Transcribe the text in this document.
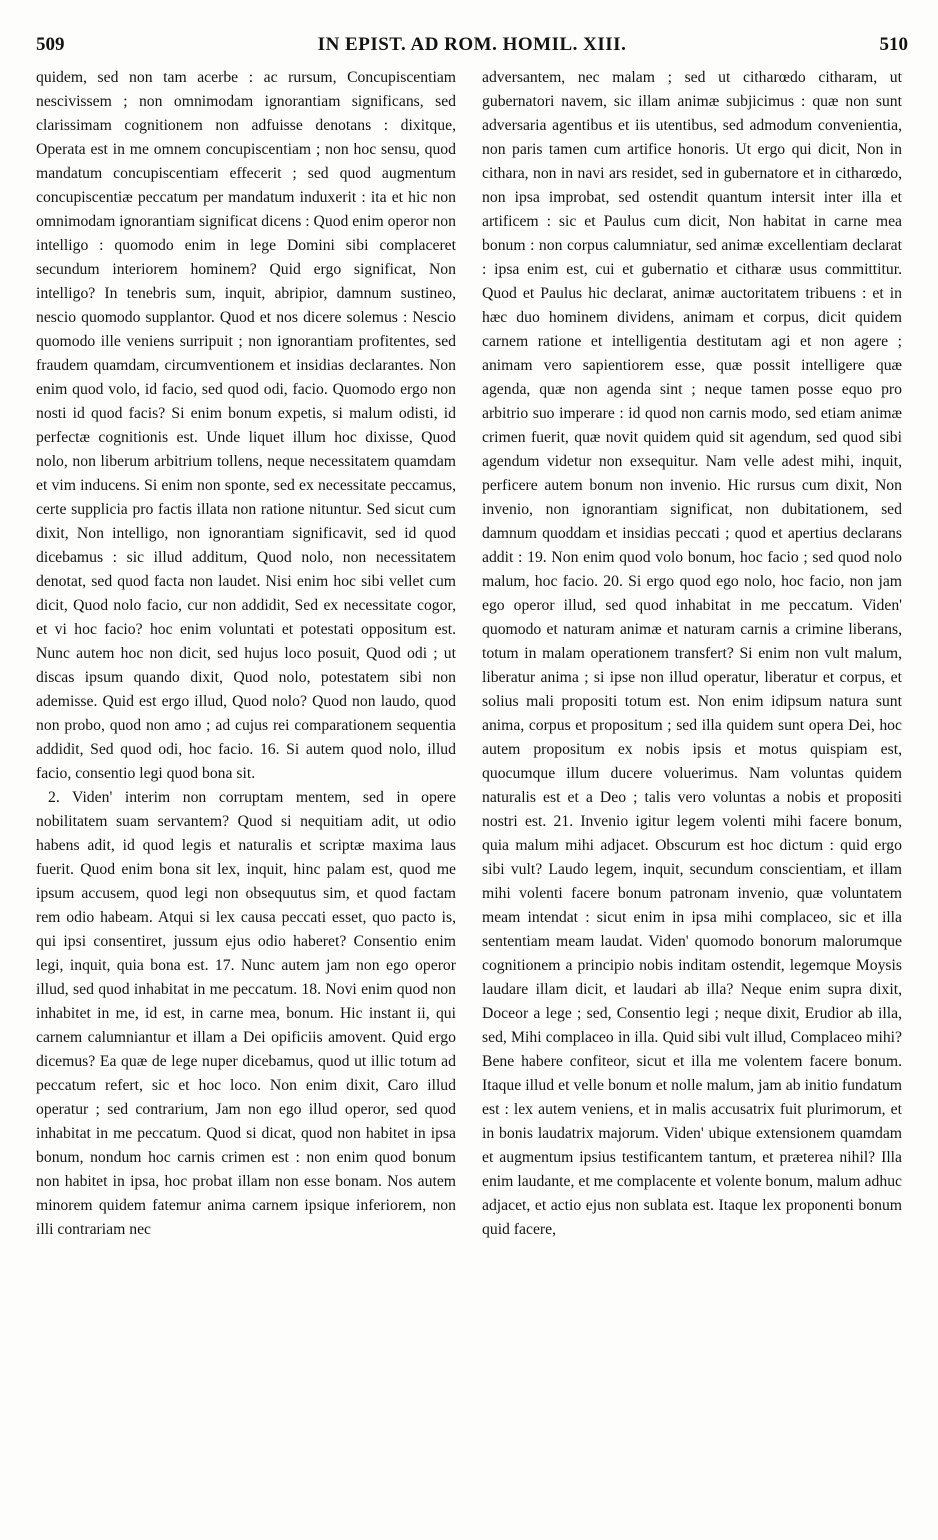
509	IN EPIST. AD ROM. HOMIL. XIII.	510

quidem, sed non tam acerbe : ac rursum, Concupiscentiam nescivissem ; non omnimodam ignorantiam significans, sed clarissimam cognitionem non adfuisse denotans : dixitque, Operata est in me omnem concupiscentiam ; non hoc sensu, quod mandatum concupiscentiam effecerit ; sed quod augmentum concupiscentiæ peccatum per mandatum induxerit : ita et hic non omnimodam ignorantiam significat dicens : Quod enim operor non intelligo : quomodo enim in lege Domini sibi complaceret secundum interiorem hominem? Quid ergo significat, Non intelligo? In tenebris sum, inquit, abripior, damnum sustineo, nescio quomodo supplantor. Quod et nos dicere solemus : Nescio quomodo ille veniens surripuit ; non ignorantiam profitentes, sed fraudem quamdam, circumventionem et insidias declarantes. Non enim quod volo, id facio, sed quod odi, facio. Quomodo ergo non nosti id quod facis? Si enim bonum expetis, si malum odisti, id perfectæ cognitionis est. Unde liquet illum hoc dixisse, Quod nolo, non liberum arbitrium tollens, neque necessitatem quamdam et vim inducens. Si enim non sponte, sed ex necessitate peccamus, certe supplicia pro factis illata non ratione nituntur. Sed sicut cum dixit, Non intelligo, non ignorantiam significavit, sed id quod dicebamus : sic illud additum, Quod nolo, non necessitatem denotat, sed quod facta non laudet. Nisi enim hoc sibi vellet cum dicit, Quod nolo facio, cur non addidit, Sed ex necessitate cogor, et vi hoc facio? hoc enim voluntati et potestati oppositum est. Nunc autem hoc non dicit, sed hujus loco posuit, Quod odi ; ut discas ipsum quando dixit, Quod nolo, potestatem sibi non ademisse. Quid est ergo illud, Quod nolo? Quod non laudo, quod non probo, quod non amo ; ad cujus rei comparationem sequentia addidit, Sed quod odi, hoc facio. 16. Si autem quod nolo, illud facio, consentio legi quod bona sit.

2. Viden' interim non corruptam mentem, sed in opere nobilitatem suam servantem? Quod si nequitiam adit, ut odio habens adit, id quod legis et naturalis et scriptæ maxima laus fuerit. Quod enim bona sit lex, inquit, hinc palam est, quod me ipsum accusem, quod legi non obsequutus sim, et quod factam rem odio habeam. Atqui si lex causa peccati esset, quo pacto is, qui ipsi consentiret, jussum ejus odio haberet? Consentio enim legi, inquit, quia bona est. 17. Nunc autem jam non ego operor illud, sed quod inhabitat in me peccatum. 18. Novi enim quod non inhabitet in me, id est, in carne mea, bonum. Hic instant ii, qui carnem calumniantur et illam a Dei opificiis amovent. Quid ergo dicemus? Ea quæ de lege nuper dicebamus, quod ut illic totum ad peccatum refert, sic et hoc loco. Non enim dixit, Caro illud operatur ; sed contrarium, Jam non ego illud operor, sed quod inhabitat in me peccatum. Quod si dicat, quod non habitet in ipsa bonum, nondum hoc carnis crimen est : non enim quod bonum non habitet in ipsa, hoc probat illam non esse bonam. Nos autem minorem quidem fatemur anima carnem ipsique inferiorem, non illi contrariam nec

adversantem, nec malam ; sed ut citharœdo citharam, ut gubernatori navem, sic illam animæ subjicimus : quæ non sunt adversaria agentibus et iis utentibus, sed admodum convenientia, non paris tamen cum artifice honoris. Ut ergo qui dicit, Non in cithara, non in navi ars residet, sed in gubernatore et in citharœdo, non ipsa improbat, sed ostendit quantum intersit inter illa et artificem : sic et Paulus cum dicit, Non habitat in carne mea bonum : non corpus calumniatur, sed animæ excellentiam declarat : ipsa enim est, cui et gubernatio et citharæ usus committitur. Quod et Paulus hic declarat, animæ auctoritatem tribuens : et in hæc duo hominem dividens, animam et corpus, dicit quidem carnem ratione et intelligentia destitutam agi et non agere ; animam vero sapientiorem esse, quæ possit intelligere quæ agenda, quæ non agenda sint ; neque tamen posse equo pro arbitrio suo imperare : id quod non carnis modo, sed etiam animæ crimen fuerit, quæ novit quidem quid sit agendum, sed quod sibi agendum videtur non exsequitur. Nam velle adest mihi, inquit, perficere autem bonum non invenio. Hic rursus cum dixit, Non invenio, non ignorantiam significat, non dubitationem, sed damnum quoddam et insidias peccati ; quod et apertius declarans addit : 19. Non enim quod volo bonum, hoc facio ; sed quod nolo malum, hoc facio. 20. Si ergo quod ego nolo, hoc facio, non jam ego operor illud, sed quod inhabitat in me peccatum. Viden' quomodo et naturam animæ et naturam carnis a crimine liberans, totum in malam operationem transfert? Si enim non vult malum, liberatur anima ; si ipse non illud operatur, liberatur et corpus, et solius mali propositi totum est. Non enim idipsum natura sunt anima, corpus et propositum ; sed illa quidem sunt opera Dei, hoc autem propositum ex nobis ipsis et motus quispiam est, quocumque illum ducere voluerimus. Nam voluntas quidem naturalis est et a Deo ; talis vero voluntas a nobis et propositi nostri est. 21. Invenio igitur legem volenti mihi facere bonum, quia malum mihi adjacet. Obscurum est hoc dictum : quid ergo sibi vult? Laudo legem, inquit, secundum conscientiam, et illam mihi volenti facere bonum patronam invenio, quæ voluntatem meam intendat : sicut enim in ipsa mihi complaceo, sic et illa sententiam meam laudat. Viden' quomodo bonorum malorumque cognitionem a principio nobis inditam ostendit, legemque Moysis laudare illam dicit, et laudari ab illa? Neque enim supra dixit, Doceor a lege ; sed, Consentio legi ; neque dixit, Erudior ab illa, sed, Mihi complaceo in illa. Quid sibi vult illud, Complaceo mihi? Bene habere confiteor, sicut et illa me volentem facere bonum. Itaque illud et velle bonum et nolle malum, jam ab initio fundatum est : lex autem veniens, et in malis accusatrix fuit plurimorum, et in bonis laudatrix majorum. Viden' ubique extensionem quamdam et augmentum ipsius testificantem tantum, et præterea nihil? Illa enim laudante, et me complacente et volente bonum, malum adhuc adjacet, et actio ejus non sublata est. Itaque lex proponenti bonum quid facere,
